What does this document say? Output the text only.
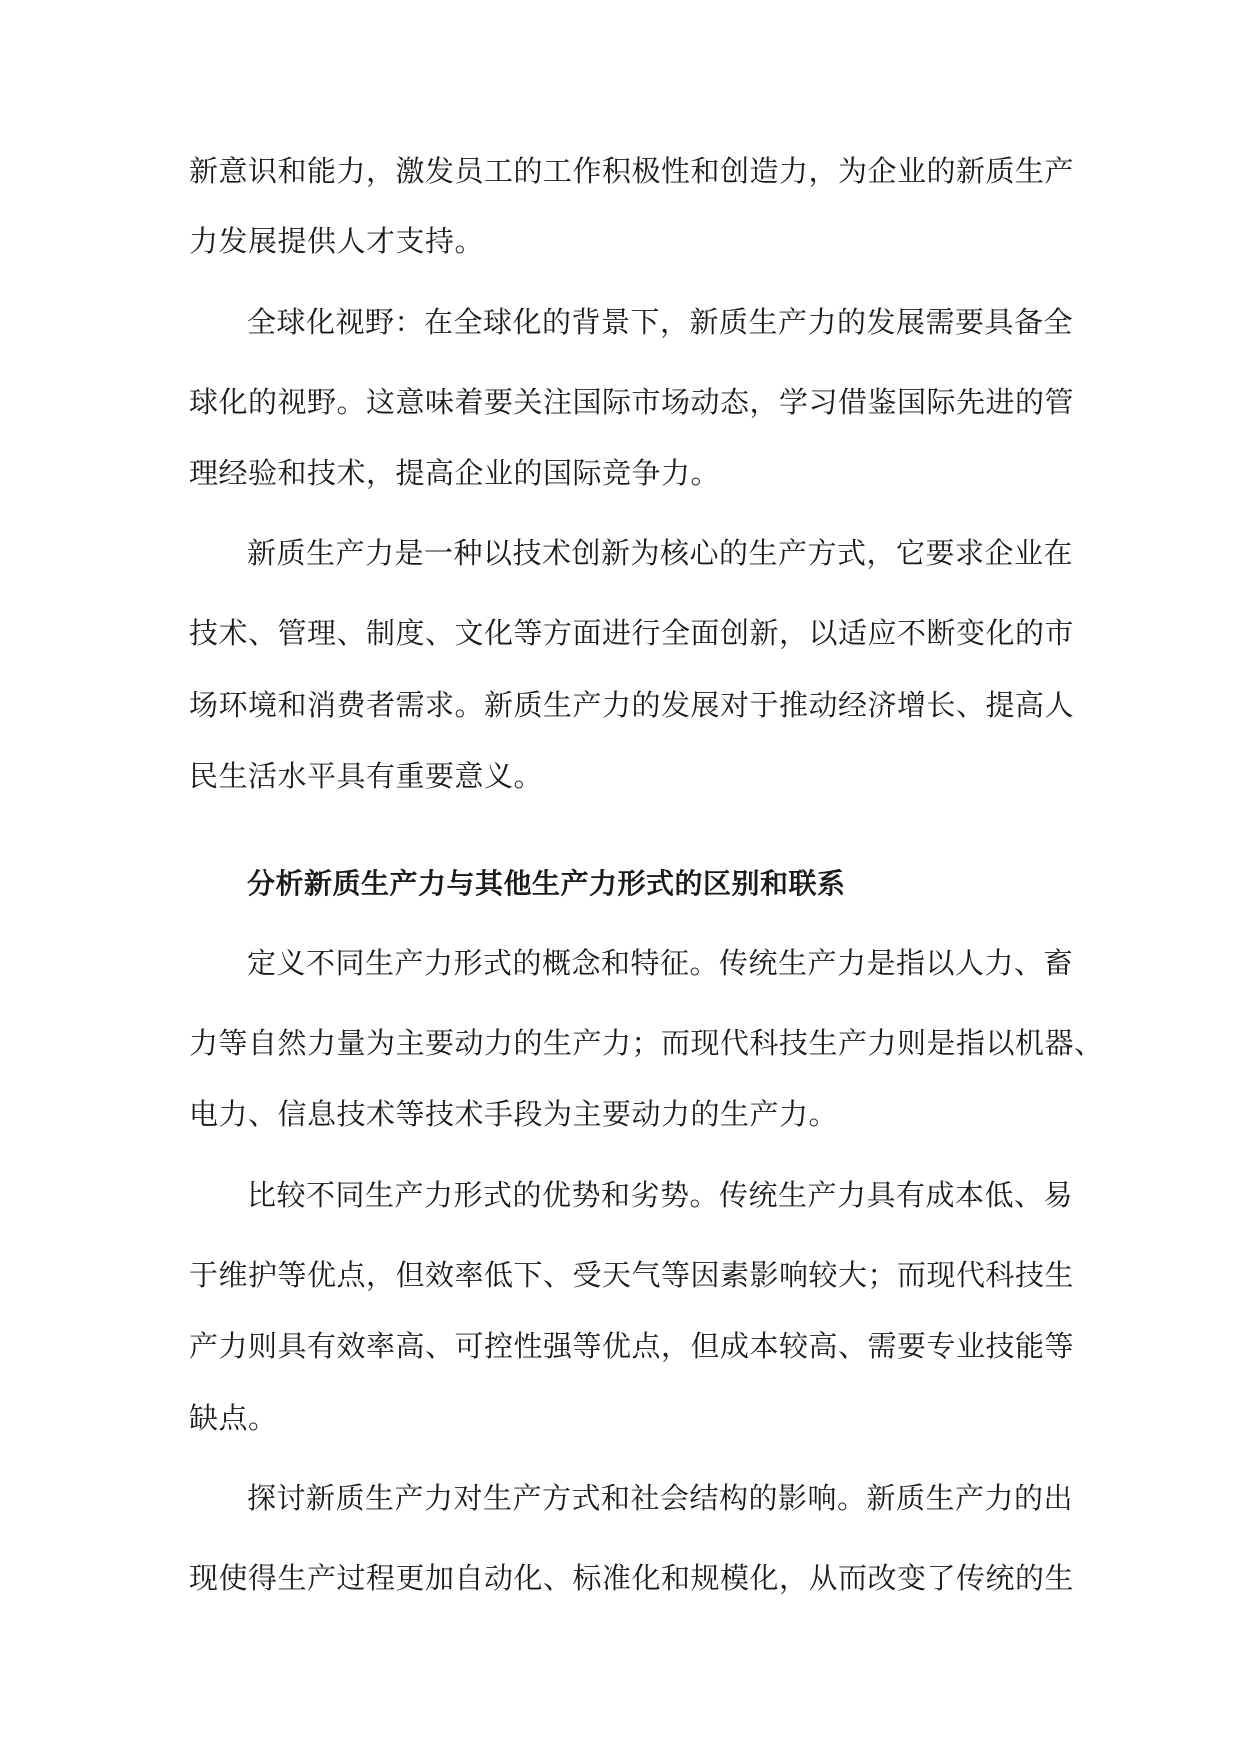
新意识和能力，激发员工的工作积极性和创造力，为企业的新质生产
力发展提供人才支持。
全球化视野：在全球化的背景下，新质生产力的发展需要具备全
球化的视野。这意味着要关注国际市场动态，学习借鉴国际先进的管
理经验和技术，提高企业的国际竞争力。
新质生产力是一种以技术创新为核心的生产方式，它要求企业在
技术、管理、制度、文化等方面进行全面创新，以适应不断变化的市
场环境和消费者需求。新质生产力的发展对于推动经济增长、提高人
民生活水平具有重要意义。
分析新质生产力与其他生产力形式的区别和联系
定义不同生产力形式的概念和特征。传统生产力是指以人力、畜
力等自然力量为主要动力的生产力；而现代科技生产力则是指以机器、
电力、信息技术等技术手段为主要动力的生产力。
比较不同生产力形式的优势和劣势。传统生产力具有成本低、易
于维护等优点，但效率低下、受天气等因素影响较大；而现代科技生
产力则具有效率高、可控性强等优点，但成本较高、需要专业技能等
缺点。
探讨新质生产力对生产方式和社会结构的影响。新质生产力的出
现使得生产过程更加自动化、标准化和规模化，从而改变了传统的生
